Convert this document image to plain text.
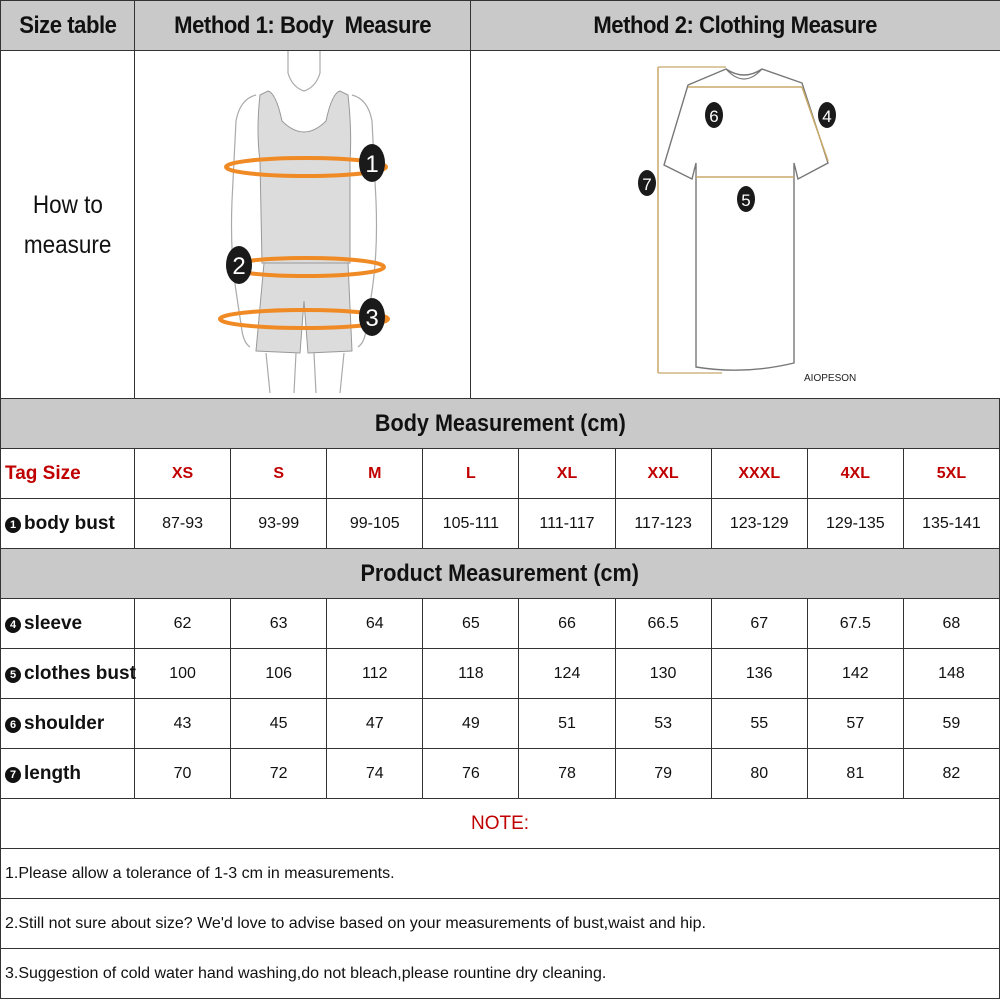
Size table	Method 1: Body  Measure	Method 2: Clothing Measure
How to
measure	1
2
3	6 4
7
5
AIOPESON
Body Measurement (cm)									
Tag Size	XS	S	M	L	XL	XXL	XXXL	4XL	5XL
1 body bust	87-93	93-99	99-105	105-111	111-117	117-123	123-129	129-135	135-141
Product Measurement (cm)									
4 sleeve	62	63	64	65	66	66.5	67	67.5	68
5 clothes bust	100	106	112	118	124	130	136	142	148
6 shoulder	43	45	47	49	51	53	55	57	59
7 length	70	72	74	76	78	79	80	81	82
NOTE:									
1.Please allow a tolerance of 1-3 cm in measurements.									
2.Still not sure about size? We'd love to advise based on your measurements of bust,waist and hip.									
3.Suggestion of cold water hand washing,do not bleach,please rountine dry cleaning.									
